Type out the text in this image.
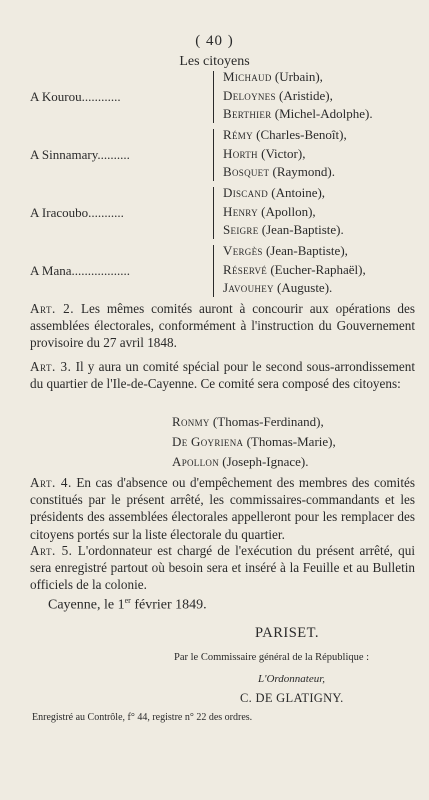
( 40 )
Les citoyens
A Kourou............
Michaud (Urbain),
Deloynes (Aristide),
Berthier (Michel-Adolphe).
A Sinnamary..........
Rémy (Charles-Benoît),
Horth (Victor),
Bosquet (Raymond).
A Iracoubo...........
Discand (Antoine),
Henry (Apollon),
Seigre (Jean-Baptiste).
A Mana..................
Vergès (Jean-Baptiste),
Réservé (Eucher-Raphaël),
Javouhey (Auguste).
Art. 2. Les mêmes comités auront à concourir aux opérations des assemblées électorales, conformément à l'instruction du Gouvernement provisoire du 27 avril 1848.
Art. 3. Il y aura un comité spécial pour le second sous-arrondissement du quartier de l'Ile-de-Cayenne. Ce comité sera composé des citoyens:
Ronmy (Thomas-Ferdinand),
De Goyriena (Thomas-Marie),
Apollon (Joseph-Ignace).
Art. 4. En cas d'absence ou d'empêchement des membres des comités constitués par le présent arrêté, les commissaires-commandants et les présidents des assemblées électorales appelleront pour les remplacer des citoyens portés sur la liste électorale du quartier.
Art. 5. L'ordonnateur est chargé de l'exécution du présent arrêté, qui sera enregistré partout où besoin sera et inséré à la Feuille et au Bulletin officiels de la colonie.
Cayenne, le 1er février 1849.
PARISET.
Par le Commissaire général de la République :
L'Ordonnateur,
C. DE GLATIGNY.
Enregistré au Contrôle, f° 44, registre n° 22 des ordres.
